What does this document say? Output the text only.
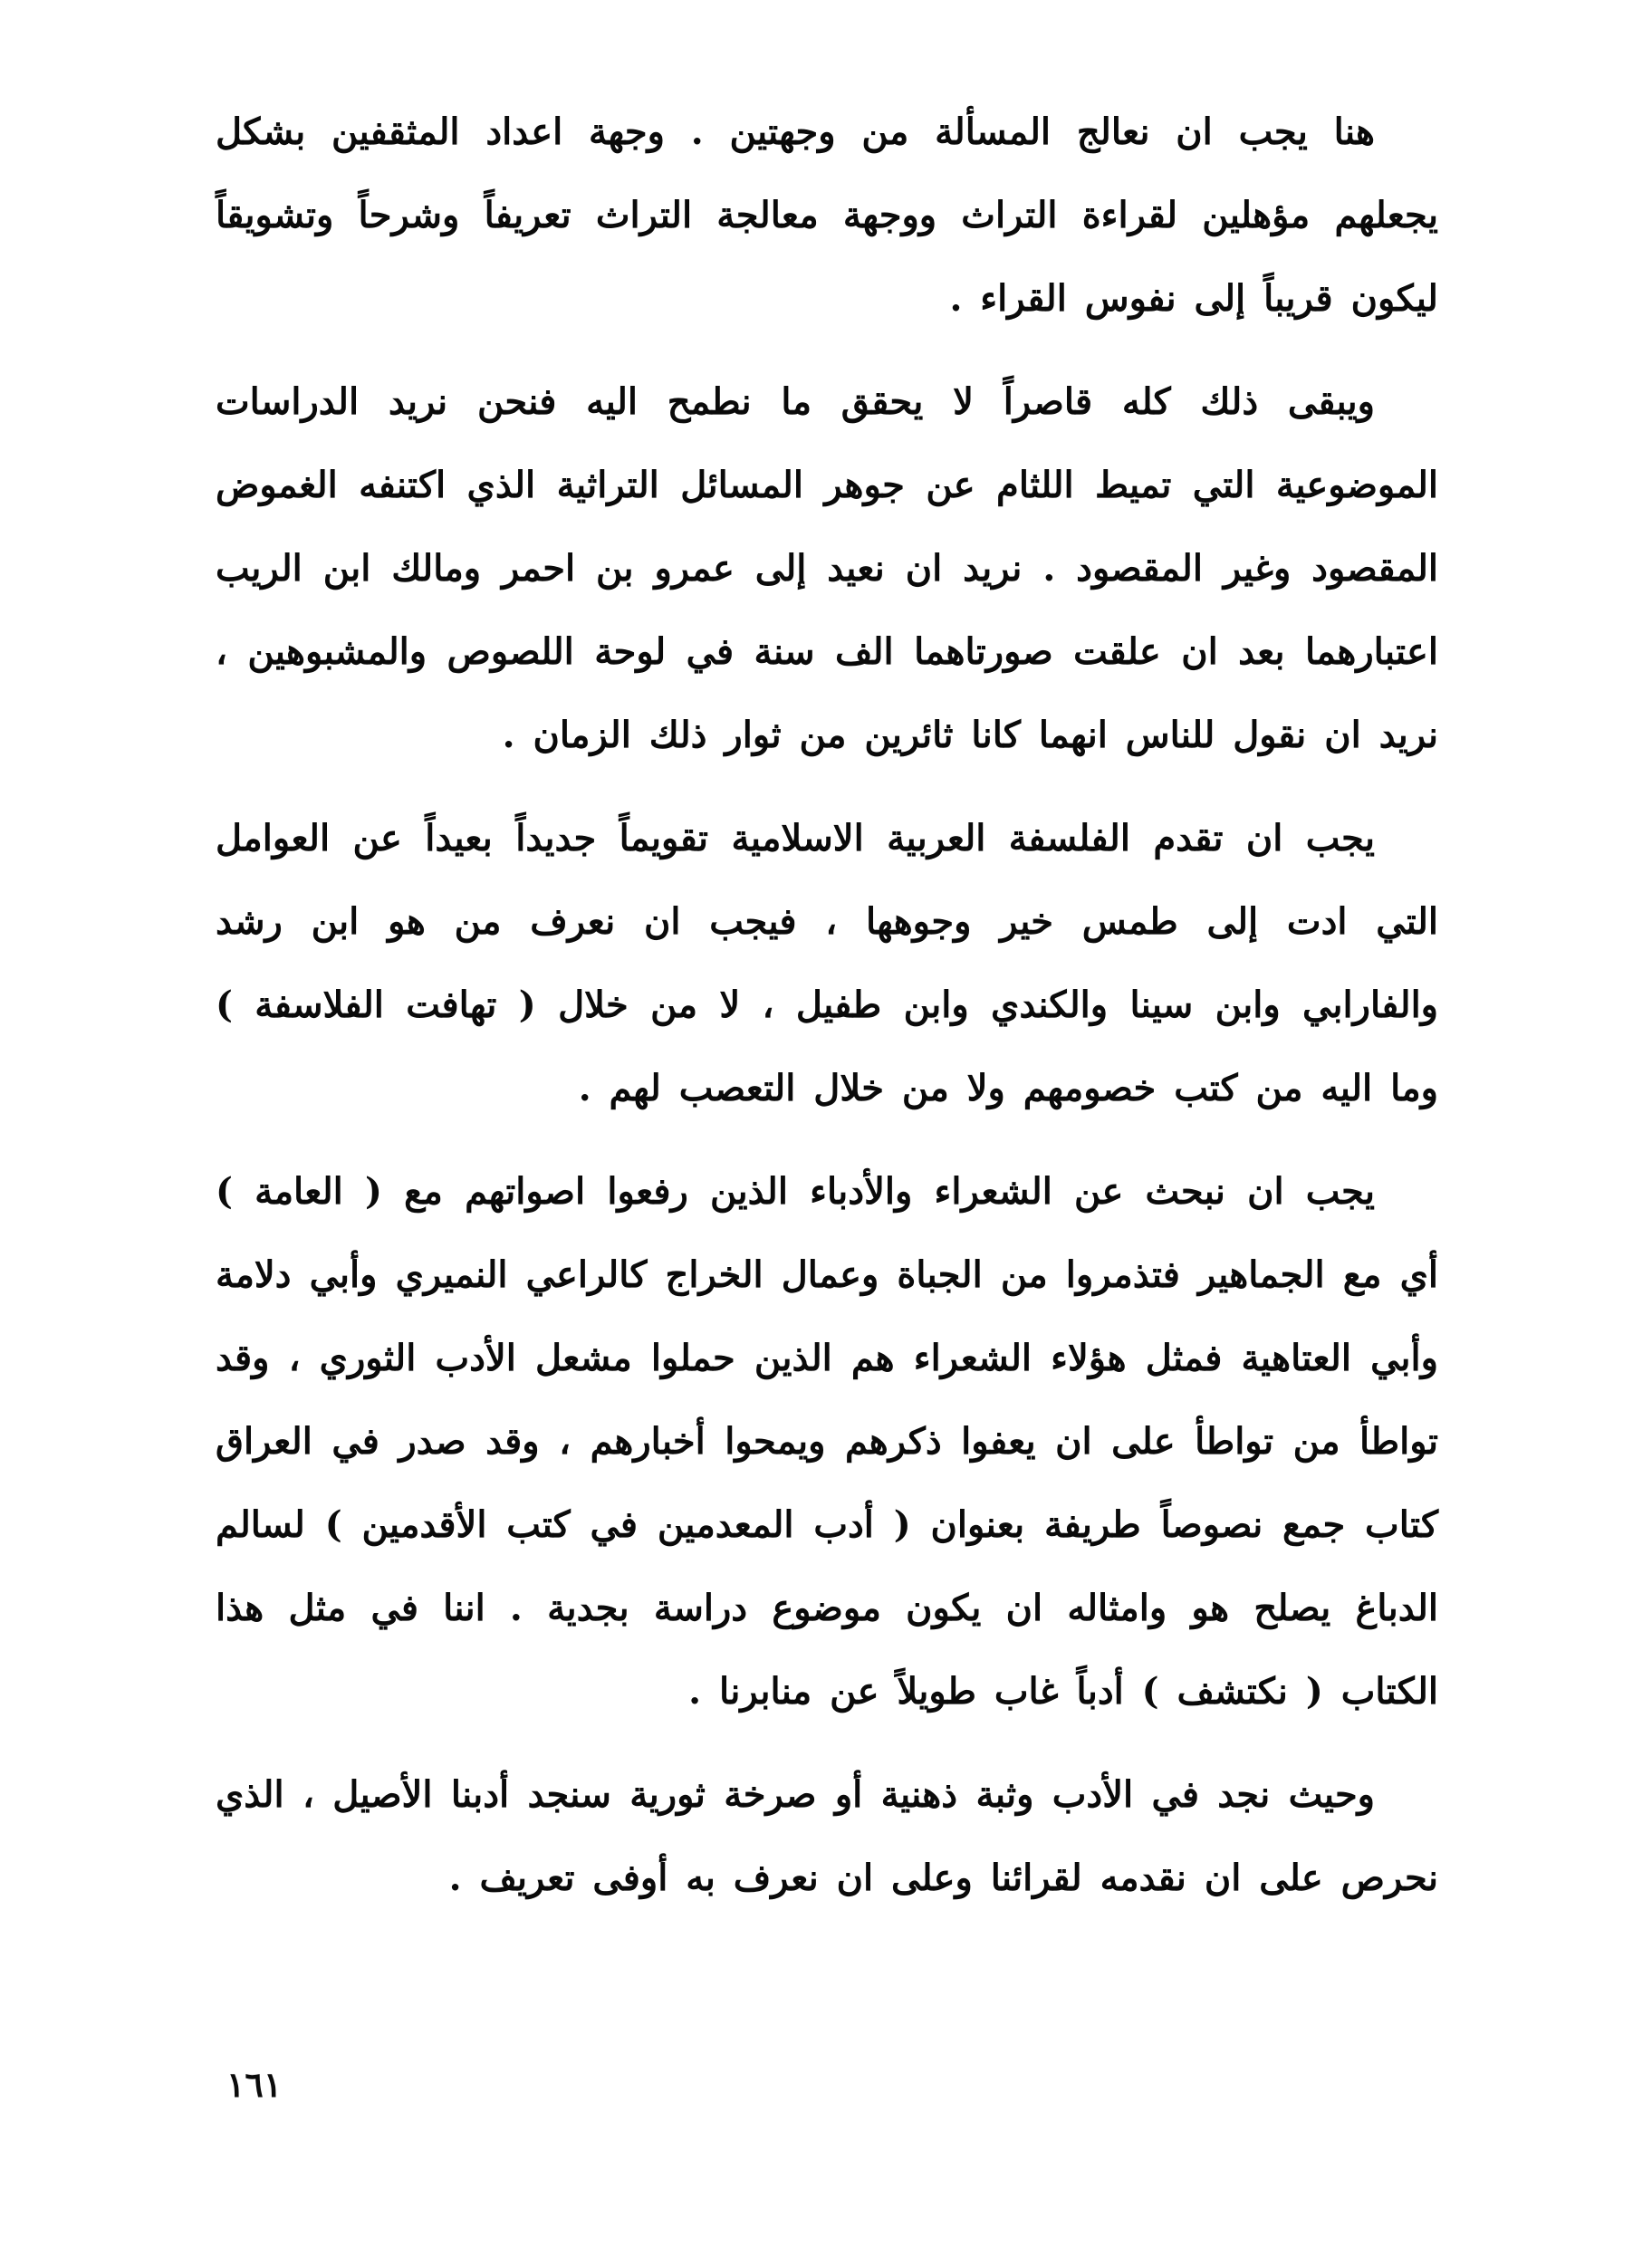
هنا يجب ان نعالج المسألة من وجهتين . وجهة اعداد المثقفين بشكل يجعلهم مؤهلين لقراءة التراث ووجهة معالجة التراث تعريفاً وشرحاً وتشويقاً ليكون قريباً إلى نفوس القراء .

ويبقى ذلك كله قاصراً لا يحقق ما نطمح اليه فنحن نريد الدراسات الموضوعية التي تميط اللثام عن جوهر المسائل التراثية الذي اكتنفه الغموض المقصود وغير المقصود . نريد ان نعيد إلى عمرو بن احمر ومالك ابن الريب اعتبارهما بعد ان علقت صورتاهما الف سنة في لوحة اللصوص والمشبوهين ، نريد ان نقول للناس انهما كانا ثائرين من ثوار ذلك الزمان .

يجب ان تقدم الفلسفة العربية الاسلامية تقويماً جديداً بعيداً عن العوامل التي ادت إلى طمس خير وجوهها ، فيجب ان نعرف من هو ابن رشد والفارابي وابن سينا والكندي وابن طفيل ، لا من خلال ( تهافت الفلاسفة ) وما اليه من كتب خصومهم ولا من خلال التعصب لهم .

يجب ان نبحث عن الشعراء والأدباء الذين رفعوا اصواتهم مع ( العامة ) أي مع الجماهير فتذمروا من الجباة وعمال الخراج كالراعي النميري وأبي دلامة وأبي العتاهية فمثل هؤلاء الشعراء هم الذين حملوا مشعل الأدب الثوري ، وقد تواطأ من تواطأ على ان يعفوا ذكرهم ويمحوا أخبارهم ، وقد صدر في العراق كتاب جمع نصوصاً طريفة بعنوان ( أدب المعدمين في كتب الأقدمين ) لسالم الدباغ يصلح هو وامثاله ان يكون موضوع دراسة بجدية . اننا في مثل هذا الكتاب ( نكتشف ) أدباً غاب طويلاً عن منابرنا .

وحيث نجد في الأدب وثبة ذهنية أو صرخة ثورية سنجد أدبنا الأصيل ، الذي نحرص على ان نقدمه لقرائنا وعلى ان نعرف به أوفى تعريف .

١٦١
